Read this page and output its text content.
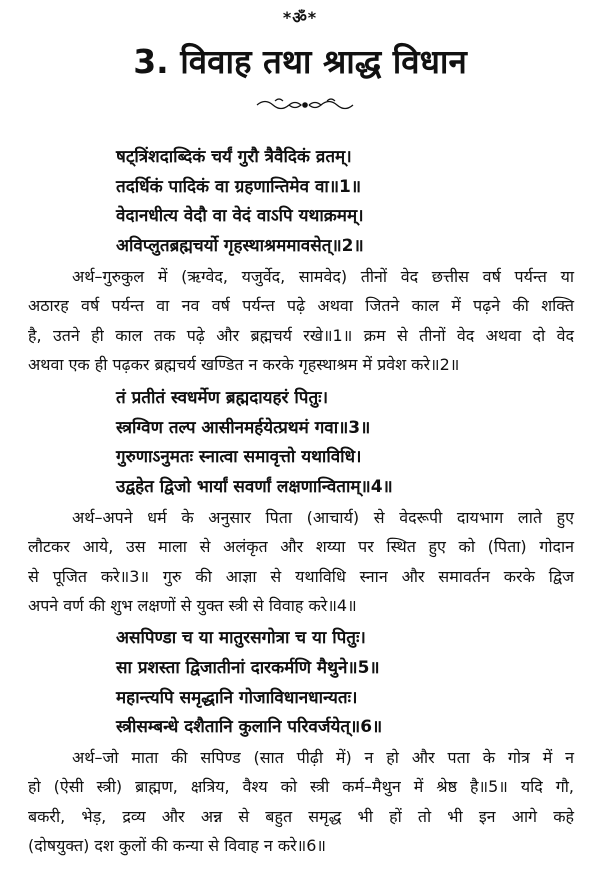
*ॐ*
3. विवाह तथा श्राद्ध विधान
षट्त्रिंशदाब्दिकं चर्यं गुरौ त्रैवैदिकं व्रतम्।
तदर्धिकं पादिकं वा ग्रहणान्तिमेव वा॥1॥
वेदानधीत्य वेदौ वा वेदं वाऽपि यथाक्रमम्।
अविप्लुतब्रह्मचर्यो गृहस्थाश्रममावसेत्॥2॥
अर्थ–गुरुकुल में (ऋग्वेद, यजुर्वेद, सामवेद) तीनों वेद छत्तीस वर्ष पर्यन्त या
अठारह वर्ष पर्यन्त वा नव वर्ष पर्यन्त पढ़े अथवा जितने काल में पढ़ने की शक्ति
है, उतने ही काल तक पढ़े और ब्रह्मचर्य रखे॥1॥ क्रम से तीनों वेद अथवा दो वेद
अथवा एक ही पढ़कर ब्रह्मचर्य खण्डित न करके गृहस्थाश्रम में प्रवेश करे॥2॥
तं प्रतीतं स्वधर्मेण ब्रह्मदायहरं पितुः।
स्त्रग्विण तल्प आसीनमर्हयेत्प्रथमं गवा॥3॥
गुरुणाऽनुमतः स्नात्वा समावृत्तो यथाविधि।
उद्वहेत द्विजो भार्यां सवर्णां लक्षणान्विताम्॥4॥
अर्थ–अपने धर्म के अनुसार पिता (आचार्य) से वेदरूपी दायभाग लाते हुए
लौटकर आये, उस माला से अलंकृत और शय्या पर स्थित हुए को (पिता) गोदान
से पूजित करे॥3॥ गुरु की आज्ञा से यथाविधि स्नान और समावर्तन करके द्विज
अपने वर्ण की शुभ लक्षणों से युक्त स्त्री से विवाह करे॥4॥
असपिण्डा च या मातुरसगोत्रा च या पितुः।
सा प्रशस्ता द्विजातीनां दारकर्मणि मैथुने॥5॥
महान्त्यपि समृद्धानि गोजाविधानधान्यतः।
स्त्रीसम्बन्धे दशैतानि कुलानि परिवर्जयेत्॥6॥
अर्थ–जो माता की सपिण्ड (सात पीढ़ी में) न हो और पता के गोत्र में न
हो (ऐसी स्त्री) ब्राह्मण, क्षत्रिय, वैश्य को स्त्री कर्म–मैथुन में श्रेष्ठ है॥5॥ यदि गौ,
बकरी, भेड़, द्रव्य और अन्न से बहुत समृद्ध भी हों तो भी इन आगे कहे
(दोषयुक्त) दश कुलों की कन्या से विवाह न करे॥6॥
